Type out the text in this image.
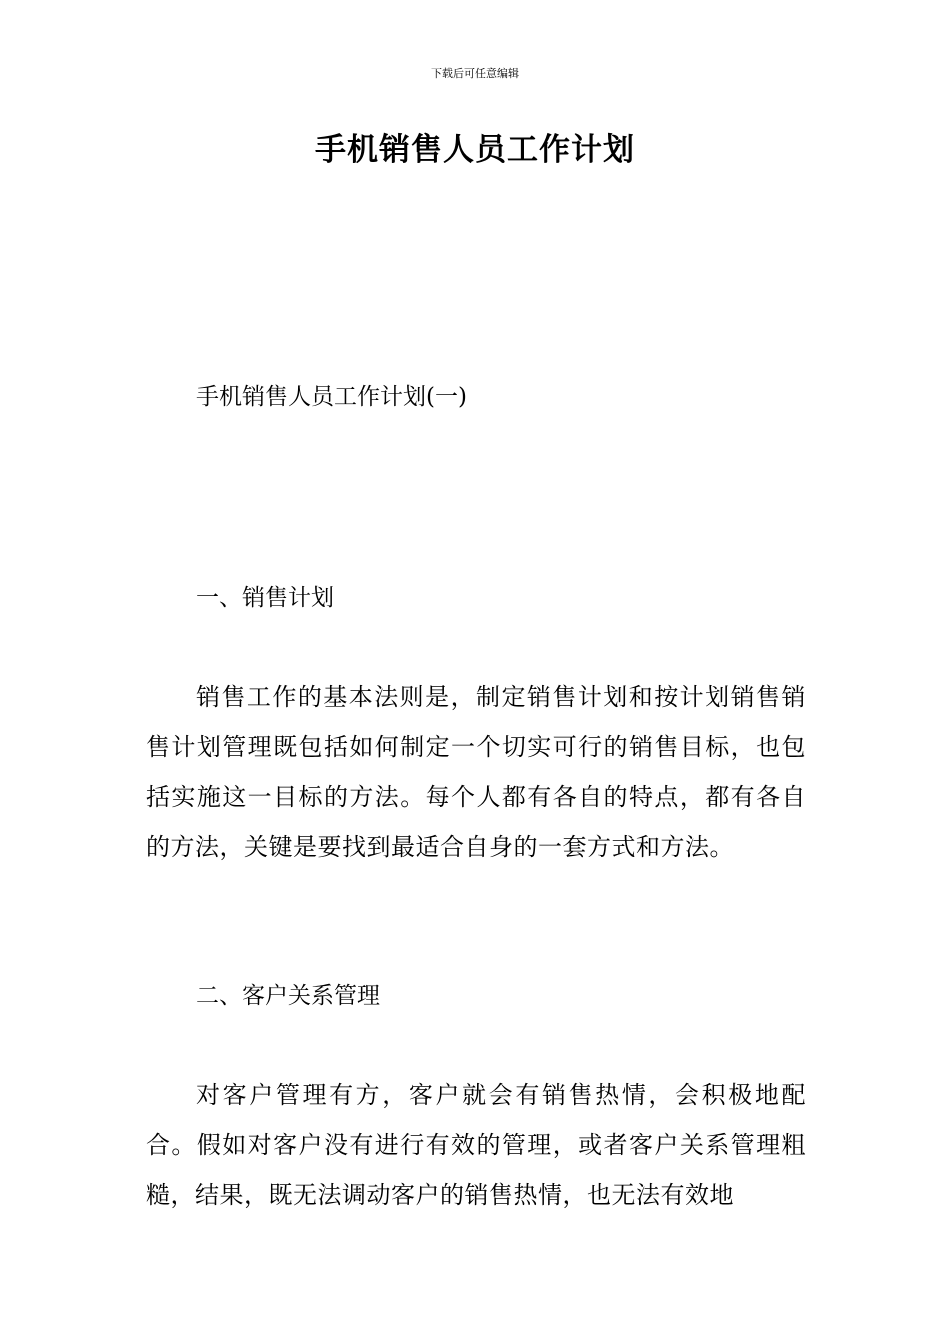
下载后可任意编辑
手机销售人员工作计划

手机销售人员工作计划(一)

一、销售计划

销售工作的基本法则是，制定销售计划和按计划销售销售计划管理既包括如何制定一个切实可行的销售目标，也包括实施这一目标的方法。每个人都有各自的特点，都有各自的方法，关键是要找到最适合自身的一套方式和方法。

二、客户关系管理

对客户管理有方，客户就会有销售热情，会积极地配合。假如对客户没有进行有效的管理，或者客户关系管理粗糙，结果，既无法调动客户的销售热情，也无法有效地
